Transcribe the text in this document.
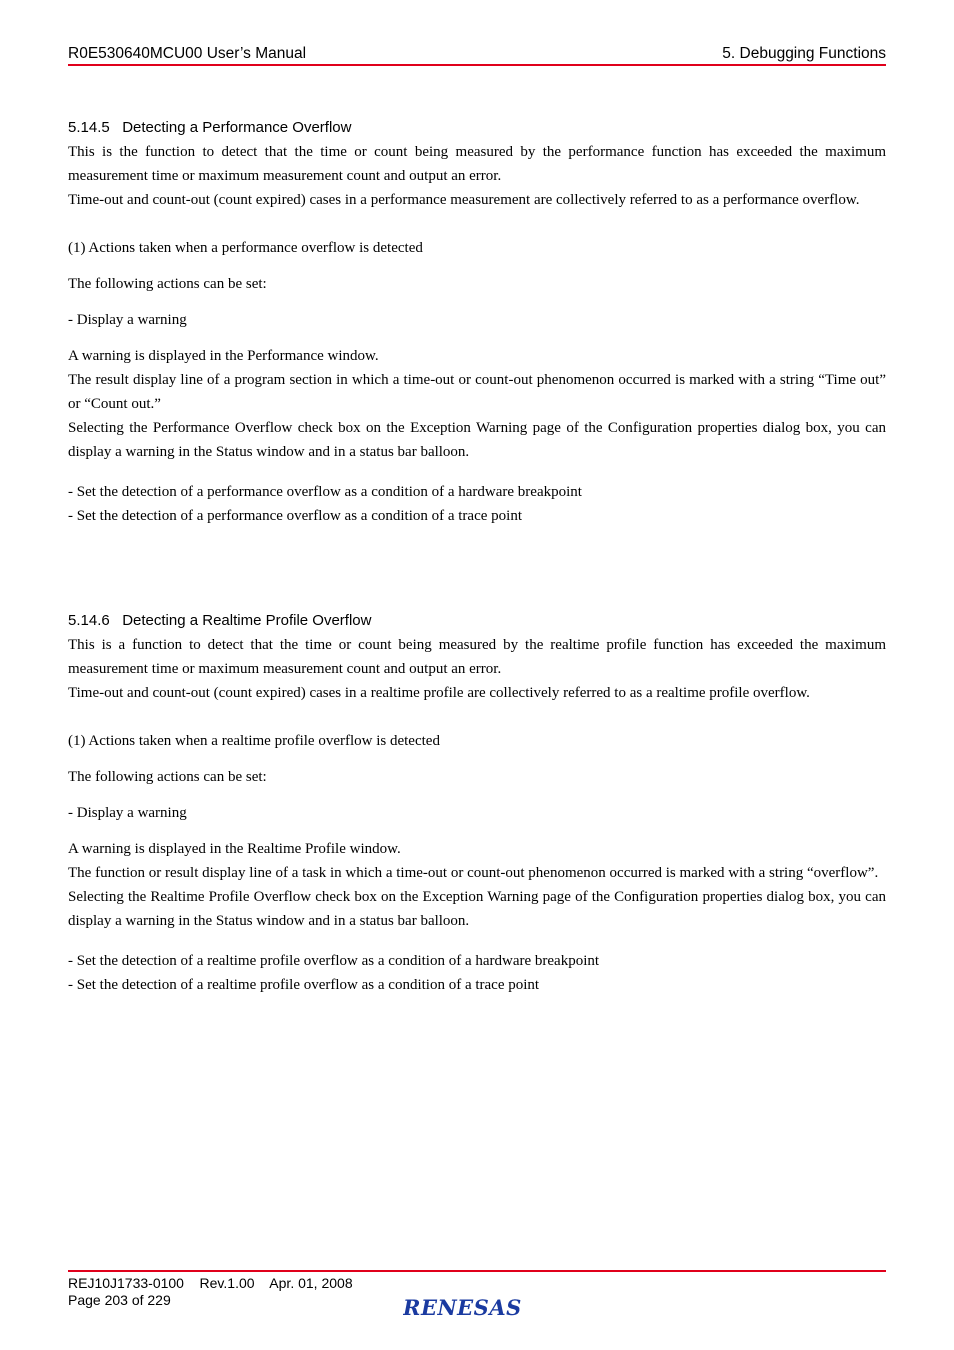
R0E530640MCU00 User’s Manual	5. Debugging Functions

5.14.5   Detecting a Performance Overflow

This is the function to detect that the time or count being measured by the performance function has exceeded the maximum measurement time or maximum measurement count and output an error.

Time-out and count-out (count expired) cases in a performance measurement are collectively referred to as a performance overflow.

(1) Actions taken when a performance overflow is detected

The following actions can be set:

- Display a warning

A warning is displayed in the Performance window.

The result display line of a program section in which a time-out or count-out phenomenon occurred is marked with a string “Time out” or “Count out.”

Selecting the Performance Overflow check box on the Exception Warning page of the Configuration properties dialog box, you can display a warning in the Status window and in a status bar balloon.

- Set the detection of a performance overflow as a condition of a hardware breakpoint

- Set the detection of a performance overflow as a condition of a trace point

5.14.6   Detecting a Realtime Profile Overflow

This is a function to detect that the time or count being measured by the realtime profile function has exceeded the maximum measurement time or maximum measurement count and output an error.

Time-out and count-out (count expired) cases in a realtime profile are collectively referred to as a realtime profile overflow.

(1) Actions taken when a realtime profile overflow is detected

The following actions can be set:

- Display a warning

A warning is displayed in the Realtime Profile window.

The function or result display line of a task in which a time-out or count-out phenomenon occurred is marked with a string “overflow”.

Selecting the Realtime Profile Overflow check box on the Exception Warning page of the Configuration properties dialog box, you can display a warning in the Status window and in a status bar balloon.

- Set the detection of a realtime profile overflow as a condition of a hardware breakpoint

- Set the detection of a realtime profile overflow as a condition of a trace point

REJ10J1733-0100    Rev.1.00    Apr. 01, 2008
Page 203 of 229	RENESAS
